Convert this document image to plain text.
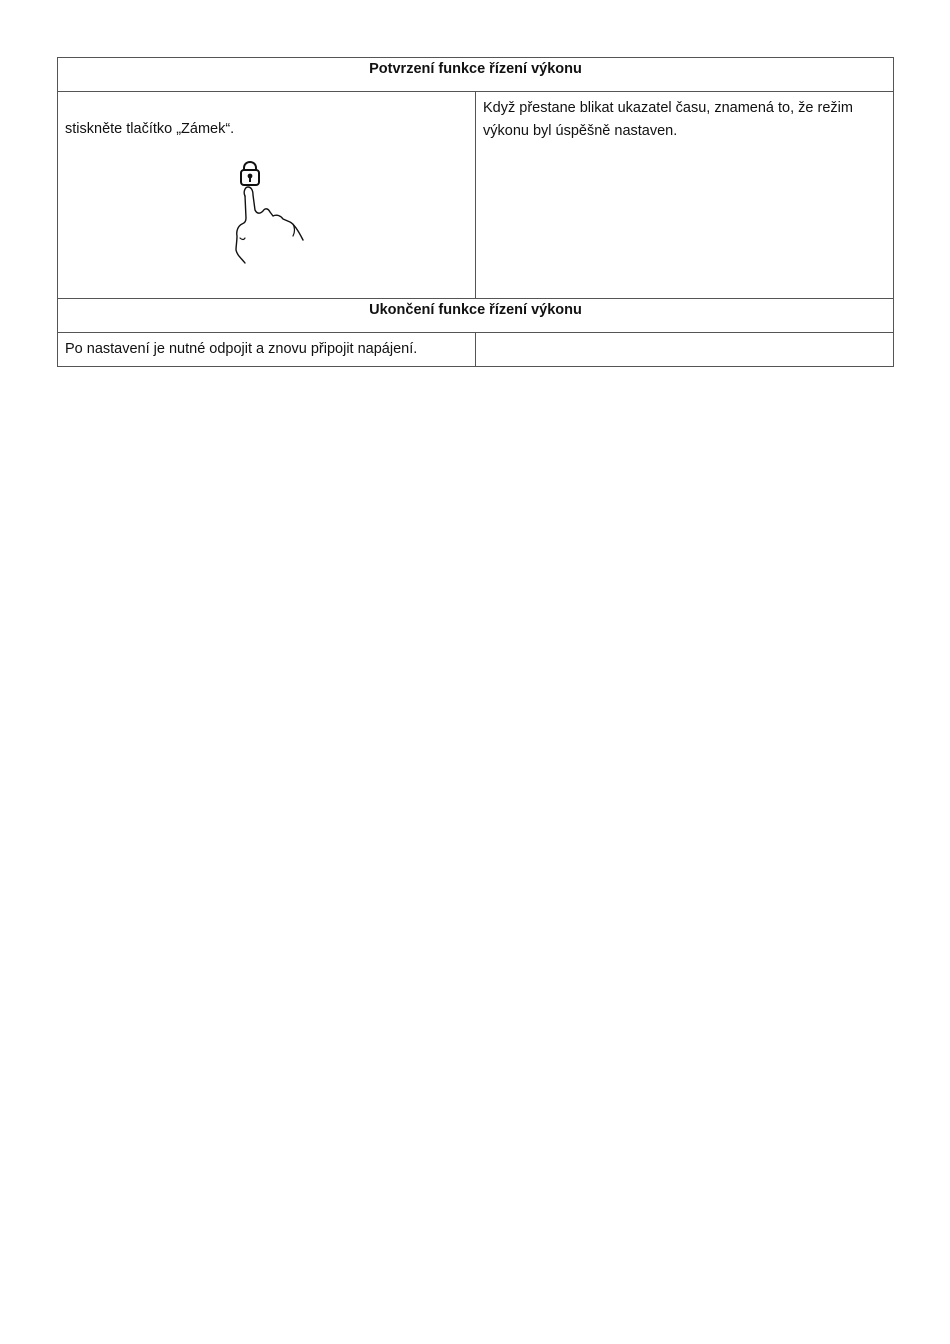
Potvrzení funkce řízení výkonu	

stiskněte tlačítko „Zámek“.	Když přestane blikat ukazatel času, znamená to, že režim výkonu byl úspěšně nastaven.

Ukončení funkce řízení výkonu	

Po nastavení je nutné odpojit a znovu připojit napájení.	
